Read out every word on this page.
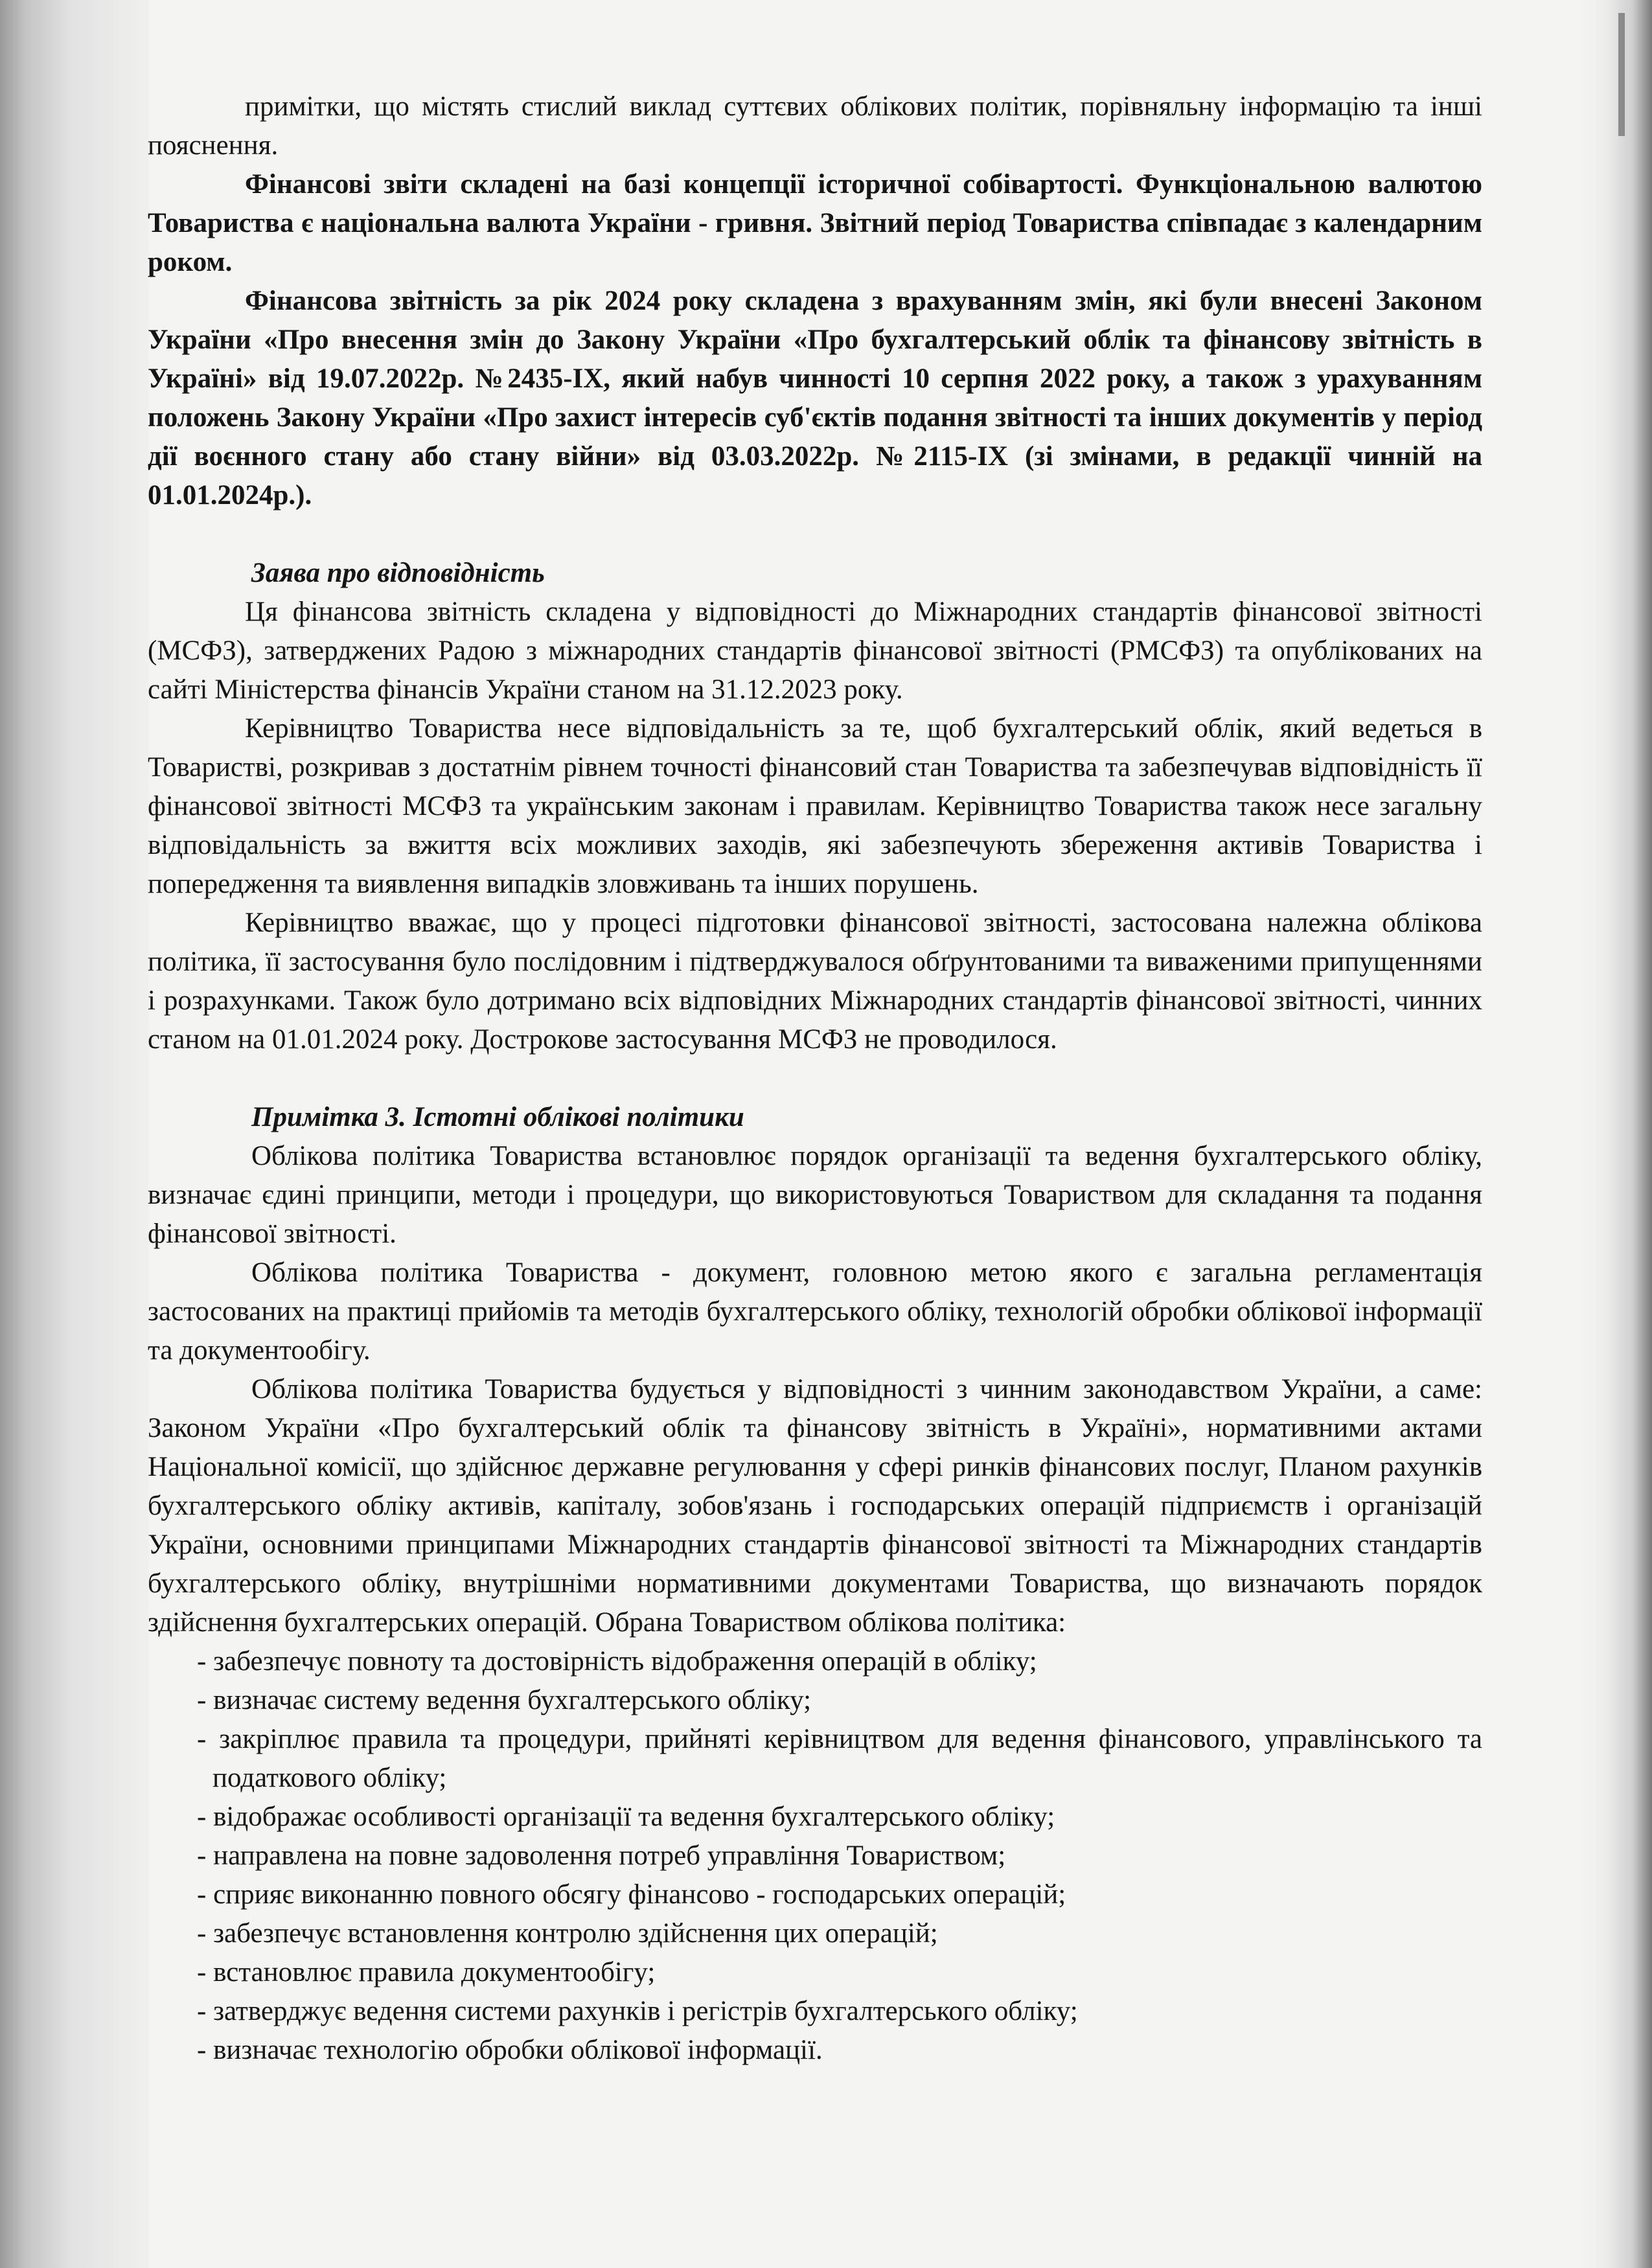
примітки, що містять стислий виклад суттєвих облікових політик, порівняльну інформацію та інші пояснення.

Фінансові звіти складені на базі концепції історичної собівартості. Функціональною валютою Товариства є національна валюта України - гривня. Звітний період Товариства співпадає з календарним роком.

Фінансова звітність за рік 2024 року складена з врахуванням змін, які були внесені Законом України «Про внесення змін до Закону України «Про бухгалтерський облік та фінансову звітність в Україні» від 19.07.2022р. №2435-IX, який набув чинності 10 серпня 2022 року, а також з урахуванням положень Закону України «Про захист інтересів суб'єктів подання звітності та інших документів у період дії воєнного стану або стану війни» від 03.03.2022р. №2115-IX (зі змінами, в редакції чинній на 01.01.2024р.).

Заява про відповідність

Ця фінансова звітність складена у відповідності до Міжнародних стандартів фінансової звітності (МСФЗ), затверджених Радою з міжнародних стандартів фінансової звітності (РМСФЗ) та опублікованих на сайті Міністерства фінансів України станом на 31.12.2023 року.

Керівництво Товариства несе відповідальність за те, щоб бухгалтерський облік, який ведеться в Товаристві, розкривав з достатнім рівнем точності фінансовий стан Товариства та забезпечував відповідність її фінансової звітності МСФЗ та українським законам і правилам. Керівництво Товариства також несе загальну відповідальність за вжиття всіх можливих заходів, які забезпечують збереження активів Товариства і попередження та виявлення випадків зловживань та інших порушень.

Керівництво вважає, що у процесі підготовки фінансової звітності, застосована належна облікова політика, її застосування було послідовним і підтверджувалося обґрунтованими та виваженими припущеннями і розрахунками. Також було дотримано всіх відповідних Міжнародних стандартів фінансової звітності, чинних станом на 01.01.2024 року. Дострокове застосування МСФЗ не проводилося.

Примітка 3. Істотні облікові політики

Облікова політика Товариства встановлює порядок організації та ведення бухгалтерського обліку, визначає єдині принципи, методи і процедури, що використовуються Товариством для складання та подання фінансової звітності.

Облікова політика Товариства - документ, головною метою якого є загальна регламентація застосованих на практиці прийомів та методів бухгалтерського обліку, технологій обробки облікової інформації та документообігу.

Облікова політика Товариства будується у відповідності з чинним законодавством України, а саме: Законом України «Про бухгалтерський облік та фінансову звітність в Україні», нормативними актами Національної комісії, що здійснює державне регулювання у сфері ринків фінансових послуг, Планом рахунків бухгалтерського обліку активів, капіталу, зобов'язань і господарських операцій підприємств і організацій України, основними принципами Міжнародних стандартів фінансової звітності та Міжнародних стандартів бухгалтерського обліку, внутрішніми нормативними документами Товариства, що визначають порядок здійснення бухгалтерських операцій. Обрана Товариством облікова політика:

- забезпечує повноту та достовірність відображення операцій в обліку;

- визначає систему ведення бухгалтерського обліку;

- закріплює правила та процедури, прийняті керівництвом для ведення фінансового, управлінського та податкового обліку;

- відображає особливості організації та ведення бухгалтерського обліку;

- направлена на повне задоволення потреб управління Товариством;

- сприяє виконанню повного обсягу фінансово - господарських операцій;

- забезпечує встановлення контролю здійснення цих операцій;

- встановлює правила документообігу;

- затверджує ведення системи рахунків і регістрів бухгалтерського обліку;

- визначає технологію обробки облікової інформації.
